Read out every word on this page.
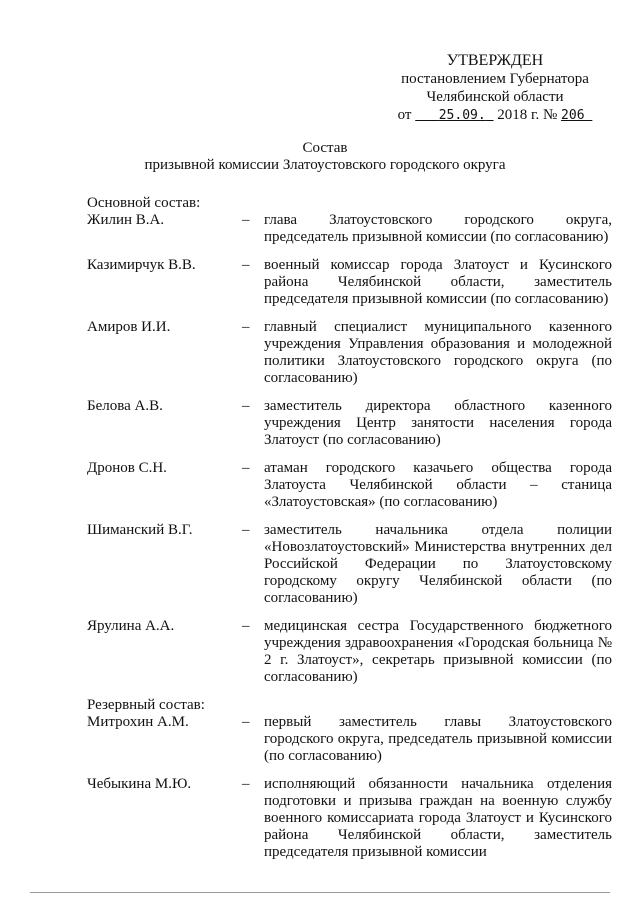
УТВЕРЖДЕН
постановлением Губернатора
Челябинской области
от 25.09. 2018 г. № 206
Состав
призывной комиссии Златоустовского городского округа
Основной состав:
Жилин В.А.	– глава Златоустовского городского округа, председатель призывной комиссии (по согласованию)
Казимирчук В.В.	– военный комиссар города Златоуст и Кусинского района Челябинской области, заместитель председателя призывной комиссии (по согласованию)
Амиров И.И.	– главный специалист муниципального казенного учреждения Управления образования и молодежной политики Златоустовского городского округа (по согласованию)
Белова А.В.	– заместитель директора областного казенного учреждения Центр занятости населения города Златоуст (по согласованию)
Дронов С.Н.	– атаман городского казачьего общества города Златоуста Челябинской области – станица «Златоустовская» (по согласованию)
Шиманский В.Г.	– заместитель начальника отдела полиции «Новозлатоустовский» Министерства внутренних дел Российской Федерации по Златоустовскому городскому округу Челябинской области (по согласованию)
Ярулина А.А.	– медицинская сестра Государственного бюджетного учреждения здравоохранения «Городская больница № 2 г. Златоуст», секретарь призывной комиссии (по согласованию)
Резервный состав:
Митрохин А.М.	– первый заместитель главы Златоустовского городского округа, председатель призывной комиссии (по согласованию)
Чебыкина М.Ю.	– исполняющий обязанности начальника отделения подготовки и призыва граждан на военную службу военного комиссариата города Златоуст и Кусинского района Челябинской области, заместитель председателя призывной комиссии
